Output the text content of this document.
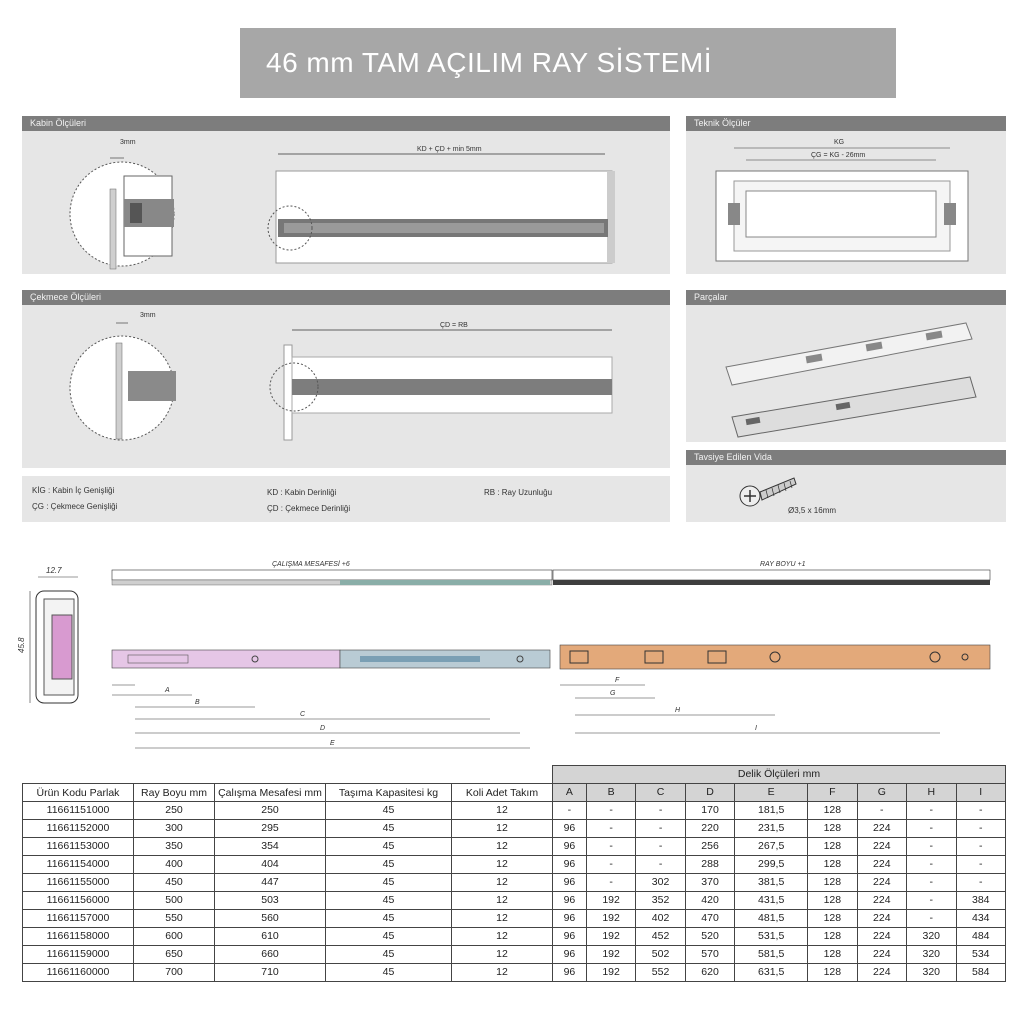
46 mm TAM AÇILIM RAY SİSTEMİ
Kabin Ölçüleri
3mm
KD + ÇD + min 5mm
Çekmece Ölçüleri
3mm
ÇD = RB
KİG : Kabin İç Genişliği
ÇG : Çekmece Genişliği
KD : Kabin Derinliği
ÇD : Çekmece Derinliği
RB : Ray Uzunluğu
Teknik Ölçüler
KG
ÇG = KG - 26mm
Parçalar
Tavsiye Edilen Vida
Ø3,5 x 16mm
12.7
45.8
ÇALIŞMA MESAFESİ +6	RAY BOYU +1
A
B
C
D
E
F
G
H
I
					Delik Ölçüleri mm								
Ürün Kodu Parlak	Ray Boyu mm	Çalışma Mesafesi mm	Taşıma Kapasitesi kg	Koli Adet Takım	A	B	C	D	E	F	G	H	I
11661151000	250	250	45	12	-	-	-	170	181,5	128	-	-	-
11661152000	300	295	45	12	96	-	-	220	231,5	128	224	-	-
11661153000	350	354	45	12	96	-	-	256	267,5	128	224	-	-
11661154000	400	404	45	12	96	-	-	288	299,5	128	224	-	-
11661155000	450	447	45	12	96	-	302	370	381,5	128	224	-	-
11661156000	500	503	45	12	96	192	352	420	431,5	128	224	-	384
11661157000	550	560	45	12	96	192	402	470	481,5	128	224	-	434
11661158000	600	610	45	12	96	192	452	520	531,5	128	224	320	484
11661159000	650	660	45	12	96	192	502	570	581,5	128	224	320	534
11661160000	700	710	45	12	96	192	552	620	631,5	128	224	320	584
